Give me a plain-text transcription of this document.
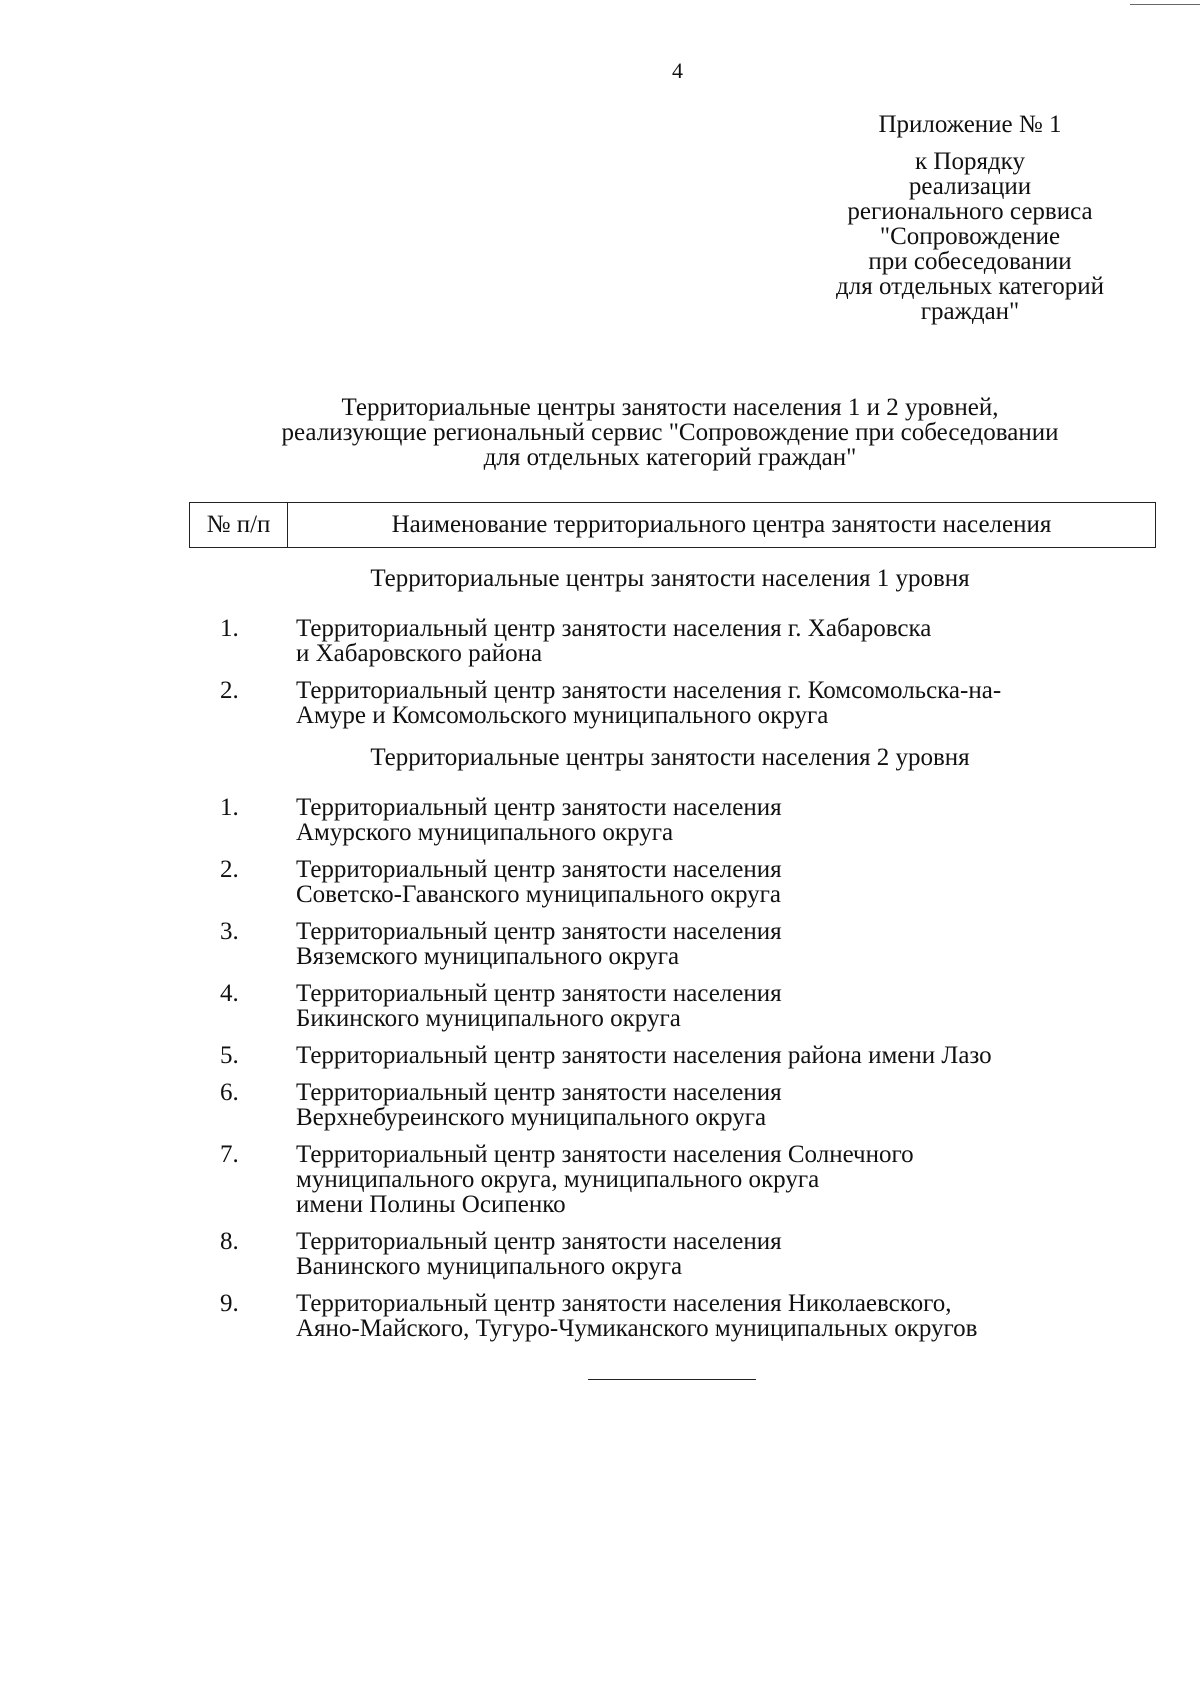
4
Приложение № 1
к Порядку
реализации
регионального сервиса
"Сопровождение
при собеседовании
для отдельных категорий
граждан"
Территориальные центры занятости населения 1 и 2 уровней,
реализующие региональный сервис "Сопровождение при собеседовании
для отдельных категорий граждан"
№ п/п	Наименование территориального центра занятости населения
Территориальные центры занятости населения 1 уровня
1.	Территориальный центр занятости населения г. Хабаровска
и Хабаровского района
2.	Территориальный центр занятости населения г. Комсомольска-на-
Амуре и Комсомольского муниципального округа
Территориальные центры занятости населения 2 уровня
1.	Территориальный центр занятости населения
Амурского муниципального округа
2.	Территориальный центр занятости населения
Советско-Гаванского муниципального округа
3.	Территориальный центр занятости населения
Вяземского муниципального округа
4.	Территориальный центр занятости населения
Бикинского муниципального округа
5.	Территориальный центр занятости населения района имени Лазо
6.	Территориальный центр занятости населения
Верхнебуреинского муниципального округа
7.	Территориальный центр занятости населения Солнечного
муниципального округа, муниципального округа
имени Полины Осипенко
8.	Территориальный центр занятости населения
Ванинского муниципального округа
9.	Территориальный центр занятости населения Николаевского,
Аяно-Майского, Тугуро-Чумиканского муниципальных округов
